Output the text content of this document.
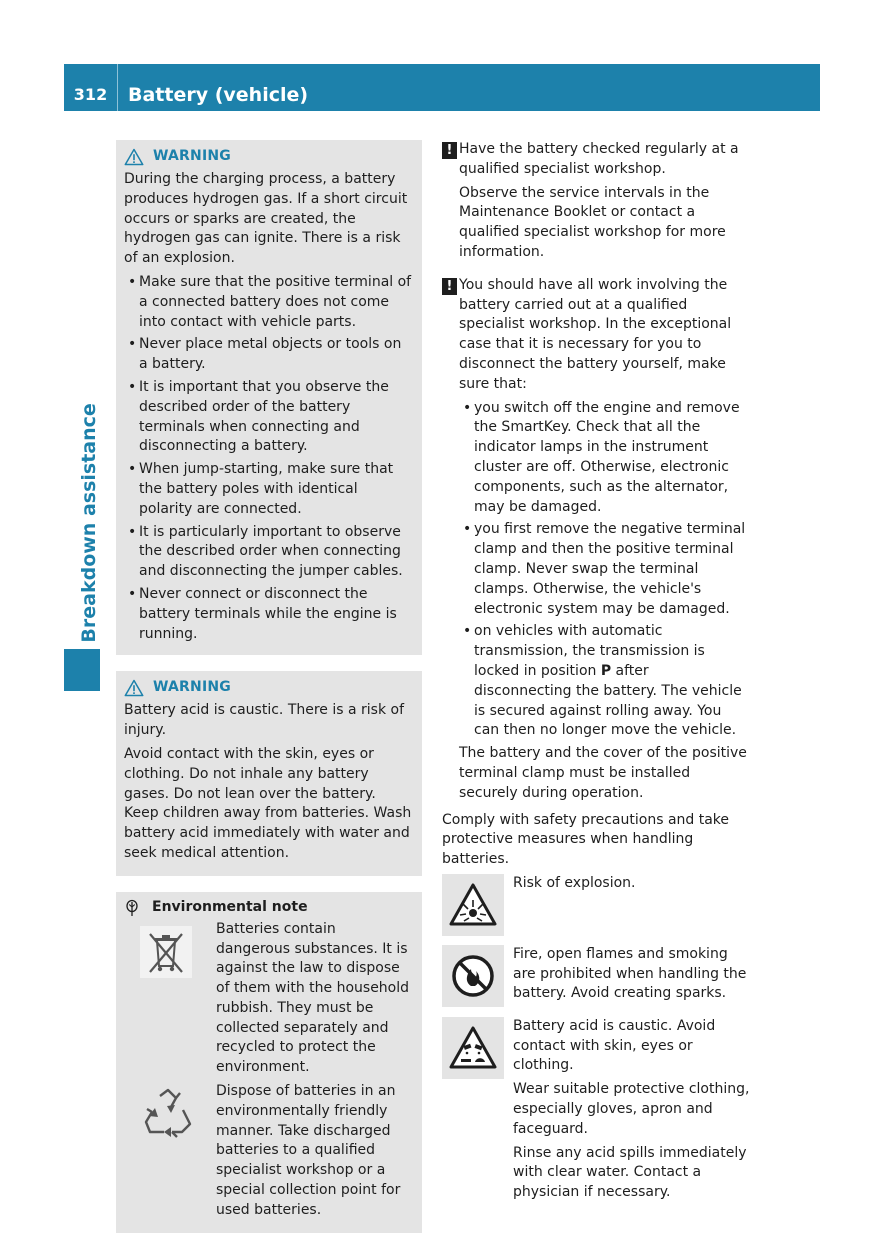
312	Battery (vehicle)
Breakdown assistance
WARNING
During the charging process, a battery produces hydrogen gas. If a short circuit occurs or sparks are created, the hydrogen gas can ignite. There is a risk of an explosion.
• Make sure that the positive terminal of a connected battery does not come into contact with vehicle parts.
• Never place metal objects or tools on a battery.
• It is important that you observe the described order of the battery terminals when connecting and disconnecting a battery.
• When jump-starting, make sure that the battery poles with identical polarity are connected.
• It is particularly important to observe the described order when connecting and disconnecting the jumper cables.
• Never connect or disconnect the battery terminals while the engine is running.
WARNING
Battery acid is caustic. There is a risk of injury.
Avoid contact with the skin, eyes or clothing. Do not inhale any battery gases. Do not lean over the battery. Keep children away from batteries. Wash battery acid immediately with water and seek medical attention.
Environmental note
Batteries contain dangerous substances. It is against the law to dispose of them with the household rubbish. They must be collected separately and recycled to protect the environment.
Dispose of batteries in an environmentally friendly manner. Take discharged batteries to a qualified specialist workshop or a special collection point for used batteries.
! Have the battery checked regularly at a qualified specialist workshop.
Observe the service intervals in the Maintenance Booklet or contact a qualified specialist workshop for more information.
! You should have all work involving the battery carried out at a qualified specialist workshop. In the exceptional case that it is necessary for you to disconnect the battery yourself, make sure that:
• you switch off the engine and remove the SmartKey. Check that all the indicator lamps in the instrument cluster are off. Otherwise, electronic components, such as the alternator, may be damaged.
• you first remove the negative terminal clamp and then the positive terminal clamp. Never swap the terminal clamps. Otherwise, the vehicle's electronic system may be damaged.
• on vehicles with automatic transmission, the transmission is locked in position P after disconnecting the battery. The vehicle is secured against rolling away. You can then no longer move the vehicle.
The battery and the cover of the positive terminal clamp must be installed securely during operation.
Comply with safety precautions and take protective measures when handling batteries.
Risk of explosion.
Fire, open flames and smoking are prohibited when handling the battery. Avoid creating sparks.
Battery acid is caustic. Avoid contact with skin, eyes or clothing.
Wear suitable protective clothing, especially gloves, apron and faceguard.
Rinse any acid spills immediately with clear water. Contact a physician if necessary.
